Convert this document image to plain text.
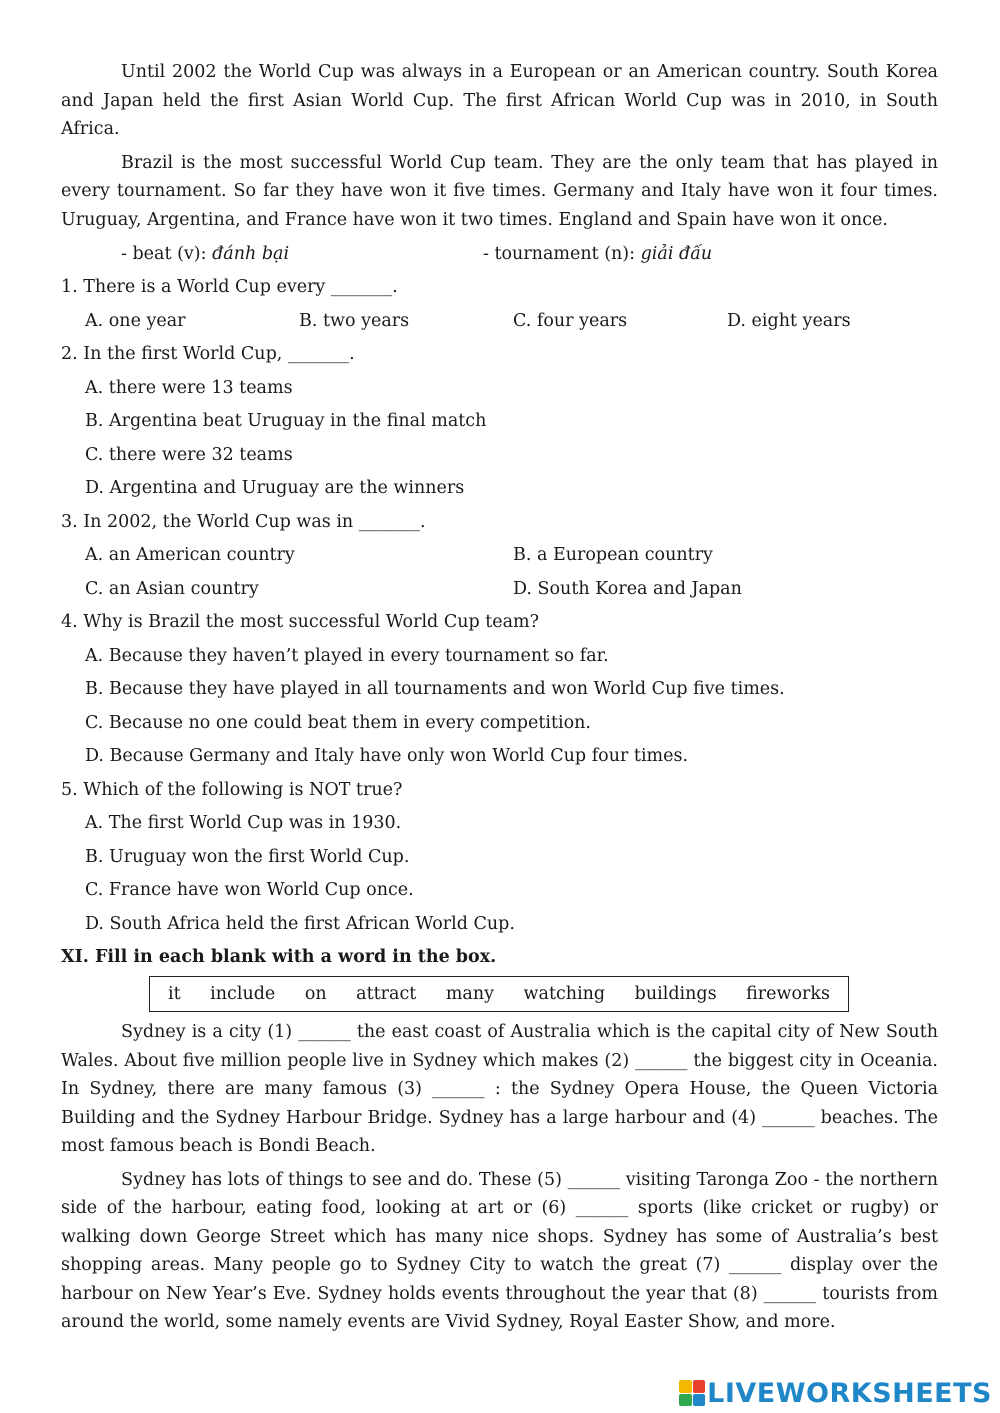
Until 2002 the World Cup was always in a European or an American country. South Korea and Japan held the first Asian World Cup. The first African World Cup was in 2010, in South Africa.

Brazil is the most successful World Cup team. They are the only team that has played in every tournament. So far they have won it five times. Germany and Italy have won it four times. Uruguay, Argentina, and France have won it two times. England and Spain have won it once.

- beat (v): đánh bại	- tournament (n): giải đấu
1. There is a World Cup every _______.
A. one year	B. two years	C. four years	D. eight years
2. In the first World Cup, _______.
A. there were 13 teams
B. Argentina beat Uruguay in the final match
C. there were 32 teams
D. Argentina and Uruguay are the winners
3. In 2002, the World Cup was in _______.
A. an American country	B. a European country
C. an Asian country	D. South Korea and Japan
4. Why is Brazil the most successful World Cup team?
A. Because they haven’t played in every tournament so far.
B. Because they have played in all tournaments and won World Cup five times.
C. Because no one could beat them in every competition.
D. Because Germany and Italy have only won World Cup four times.
5. Which of the following is NOT true?
A. The first World Cup was in 1930.
B. Uruguay won the first World Cup.
C. France have won World Cup once.
D. South Africa held the first African World Cup.
XI. Fill in each blank with a word in the box.
it include on attract many watching buildings fireworks

Sydney is a city (1) ______ the east coast of Australia which is the capital city of New South Wales. About five million people live in Sydney which makes (2) ______ the biggest city in Oceania. In Sydney, there are many famous (3) ______ : the Sydney Opera House, the Queen Victoria Building and the Sydney Harbour Bridge. Sydney has a large harbour and (4) ______ beaches. The most famous beach is Bondi Beach.

Sydney has lots of things to see and do. These (5) ______ visiting Taronga Zoo - the northern side of the harbour, eating food, looking at art or (6) ______ sports (like cricket or rugby) or walking down George Street which has many nice shops. Sydney has some of Australia’s best shopping areas. Many people go to Sydney City to watch the great (7) ______ display over the harbour on New Year’s Eve. Sydney holds events throughout the year that (8) ______ tourists from around the world, some namely events are Vivid Sydney, Royal Easter Show, and more.

LIVEWORKSHEETS
